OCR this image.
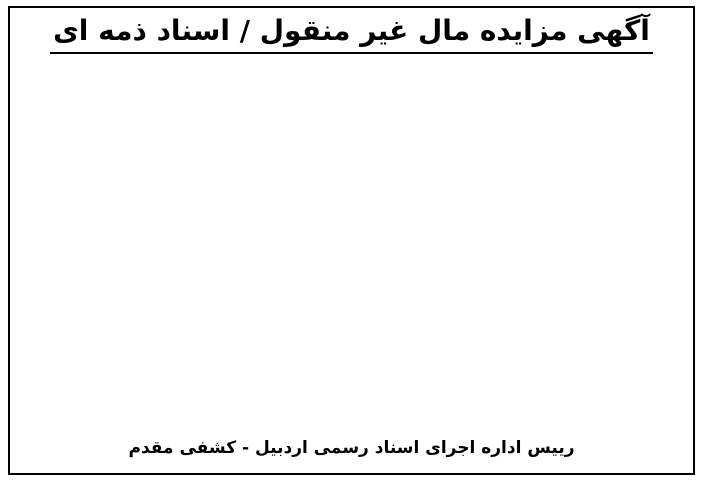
آگهی مزایده مال غیر منقول / اسناد ذمه ای
رییس اداره اجرای اسناد رسمی اردبیل - کشفی مقدم
